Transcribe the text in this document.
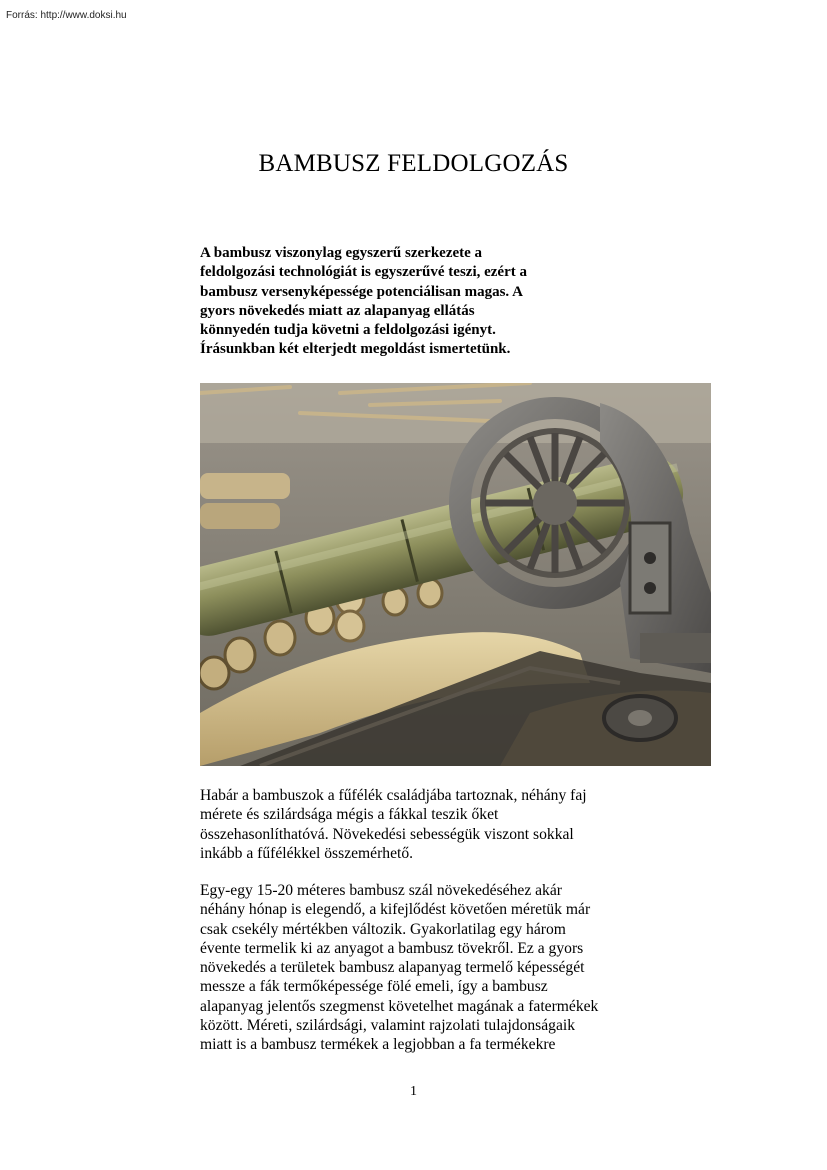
Forrás: http://www.doksi.hu
BAMBUSZ FELDOLGOZÁS
A bambusz viszonylag egyszerű szerkezete a
feldolgozási technológiát is egyszerűvé teszi, ezért a
bambusz versenyképessége potenciálisan magas. A
gyors növekedés miatt az alapanyag ellátás
könnyedén tudja követni a feldolgozási igényt.
Írásunkban két elterjedt megoldást ismertetünk.
Habár a bambuszok a fűfélék családjába tartoznak, néhány faj
mérete és szilárdsága mégis a fákkal teszik őket
összehasonlíthatóvá. Növekedési sebességük viszont sokkal
inkább a fűfélékkel összemérhető.
Egy-egy 15-20 méteres bambusz szál növekedéséhez akár
néhány hónap is elegendő, a kifejlődést követően méretük már
csak csekély mértékben változik. Gyakorlatilag egy három
évente termelik ki az anyagot a bambusz tövekről. Ez a gyors
növekedés a területek bambusz alapanyag termelő képességét
messze a fák termőképessége fölé emeli, így a bambusz
alapanyag jelentős szegmenst követelhet magának a fatermékek
között. Méreti, szilárdsági, valamint rajzolati tulajdonságaik
miatt is a bambusz termékek a legjobban a fa termékekre
1
